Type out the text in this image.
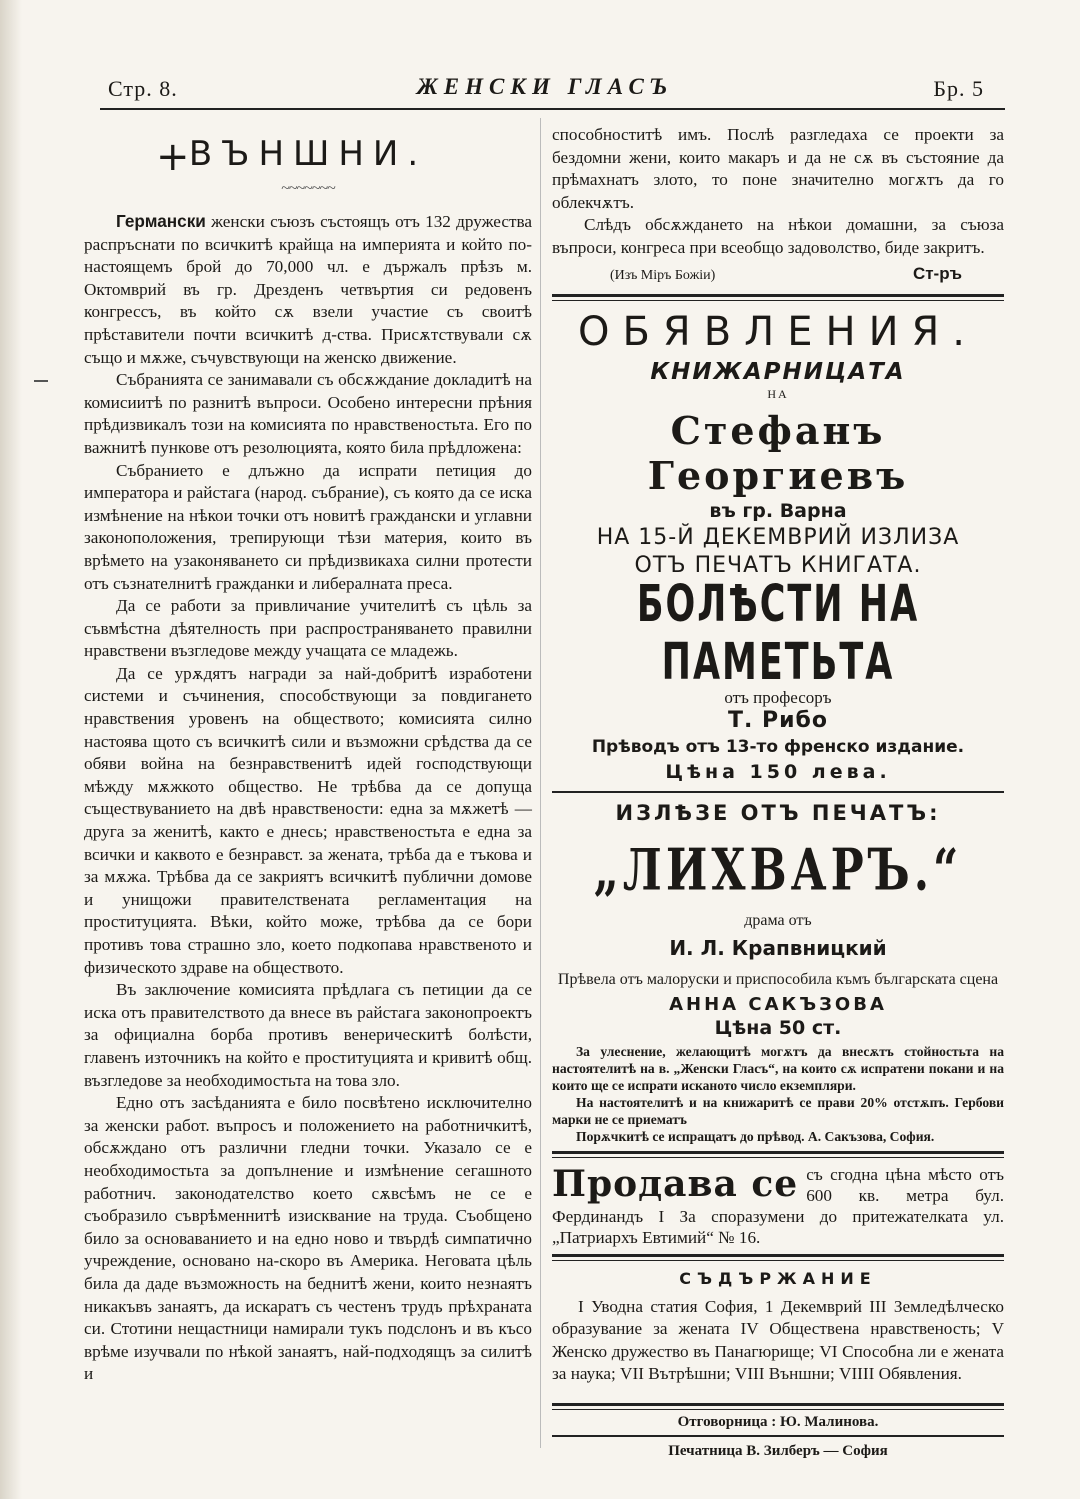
Стр. 8.	ЖЕНСКИ ГЛАСЪ	Бр. 5
+
ВЪНШНИ.
~~~~~~~

Германски женски съюзъ състоящъ отъ 132 дружества распръснати по всичкитѣ крайща на империята и който по-настоящемъ брой до 70,000 чл. е държалъ прѣзъ м. Октомврий въ гр. Дрезденъ четвъртия си редовенъ конгрессъ, въ който сѫ взели участие съ своитѣ прѣставители почти всичкитѣ д-ства. Присѫтствували сѫ също и мѫже, съчувствующи на женско движение.

Събранията се занимавали съ обсѫждание докладитѣ на комисиитѣ по разнитѣ въпроси. Особено интересни прѣния прѣдизвикалъ този на комисията по нравственостьта. Его по важнитѣ пункове отъ резолюцията, която била прѣдложена:

Събранието е длъжно да испрати петиция до императора и райстага (народ. събрание), съ която да се иска измѣнение на нѣкои точки отъ новитѣ граждански и углавни законоположения, трепирующи тѣзи материя, които въ врѣмето на узаконяването си прѣдизвикаха силни протести отъ съзнателнитѣ гражданки и либералната преса.

Да се работи за привличание учителитѣ съ цѣль за съвмѣстна дѣятелность при распространяването правилни нравствени възгледове между учащата се младежь.

Да се урѫдятъ награди за най-добритѣ изработени системи и съчинения, способствующи за повдигането нравствения уровенъ на обществото; комисията силно настоява щото съ всичкитѣ сили и възможни срѣдства да се обяви война на безнравственитѣ идей господствующи мѣжду мѫжкото общество. Не трѣбва да се допуща съществуванието на двѣ нравствености: една за мѫжетѣ — друга за женитѣ, както е днесь; нравственостьта е една за всички и каквото е безнравст. за жената, трѣба да е тъкова и за мѫжа. Трѣбва да се закриятъ всичкитѣ публични домове и унищожи правителствената регламентация на проституцията. Вѣки, който може, трѣбва да се бори противъ това страшно зло, което подкопава нравственото и физическото здраве на обществото.

Въ заключение комисията прѣдлага съ петиции да се иска отъ правителството да внесе въ райстага законопроектъ за официална борба противъ венерическитѣ болѣсти, главенъ източникъ на който е проституцията и кривитѣ общ. възгледове за необходимостьта на това зло.

Едно отъ засѣданията е било посвѣтено исключително за женски работ. въпросъ и положението на работничкитѣ, обсѫждано отъ различни гледни точки. Указало се е необходимостьта за допълнение и измѣнение сегашното работнич. законодателство което сѫвсѣмъ не се е съобразило съврѣменнитѣ изисквание на труда. Съобщено било за основаванието и на едно ново и твърдѣ симпатично учреждение, основано на-скоро въ Америка. Неговата цѣль била да даде възможность на беднитѣ жени, които незнаятъ никакъвъ занаятъ, да искаратъ съ честенъ трудъ прѣхраната си. Стотини нещастници намирали тукъ подслонъ и въ късо врѣме изучвали по нѣкой занаятъ, най-подходящъ за силитѣ и

способноститѣ имъ. Послѣ разгледаха се проекти за бездомни жени, които макаръ и да не сѫ въ състояние да прѣмахнатъ злото, то поне значително могѫтъ да го облекчѫтъ.

Слѣдъ обсѫждането на нѣкои домашни, за съюза въпроси, конгреса при всеобщо задоволство, биде закритъ.

(Изъ Міръ Божіи)	Ст-ръ
ОБЯВЛЕНИЯ.
КНИЖАРНИЦАТА
НА
Стефанъ Георгиевъ
въ гр. Варна
НА 15-Й ДЕКЕМВРИЙ ИЗЛИЗА
ОТЪ ПЕЧАТЪ КНИГАТА.
БОЛѢСТИ НА ПАМЕТЬТА
отъ професоръ
Т. Рибо
Прѣводъ отъ 13-то френско издание.
Цѣна 150 лева.
ИЗЛѢЗЕ ОТЪ ПЕЧАТЪ:
„ЛИХВАРЪ.“
драма отъ
И. Л. Крапвницкий
Прѣвела отъ малоруски и приспособила къмъ българската сцена
АННА САКЪЗОВА
Цѣна 50 ст.

За улеснение, желающитѣ могѫтъ да внесѫтъ стойностьта на настоятелитѣ на в. „Женски Гласъ“, на които сѫ испратени покани и на които ще се испрати исканото число екземпляри.

На настоятелитѣ и на книжаритѣ се прави 20% отстѫпъ. Гербови марки не се приематъ

Порѫчкитѣ се испращатъ до прѣвод. А. Сакъзова, София.

Продава се съ сгодна цѣна мѣсто отъ 600 кв. метра бул. Фердинандъ I За споразумени до притежателката ул. „Патриархъ Евтимий“ № 16.
СЪДЪРЖАНИЕ

I Уводна статия София, 1 Декемврий III Земледѣлческо образувание за жената IV Обществена нравственость; V Женско дружество въ Панагюрище; VI Способна ли е жената за наука; VII Вътрѣшни; VIII Външни; VIIII Обявления.

Отговорница : Ю. Малинова.
Печатница В. Зилберъ — София
